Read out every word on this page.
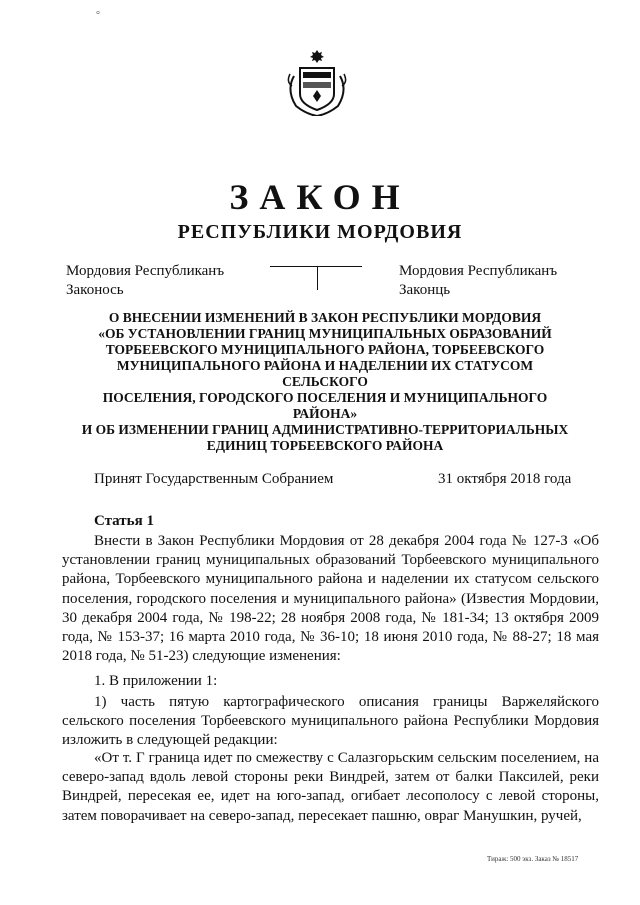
°
ЗАКОН
РЕСПУБЛИКИ МОРДОВИЯ
Мордовия Республиканъ
Законось
Мордовия Республиканъ
Законць
О ВНЕСЕНИИ ИЗМЕНЕНИЙ В ЗАКОН РЕСПУБЛИКИ МОРДОВИЯ
«ОБ УСТАНОВЛЕНИИ ГРАНИЦ МУНИЦИПАЛЬНЫХ ОБРАЗОВАНИЙ
ТОРБЕЕВСКОГО МУНИЦИПАЛЬНОГО РАЙОНА, ТОРБЕЕВСКОГО
МУНИЦИПАЛЬНОГО РАЙОНА И НАДЕЛЕНИИ ИХ СТАТУСОМ СЕЛЬСКОГО
ПОСЕЛЕНИЯ, ГОРОДСКОГО ПОСЕЛЕНИЯ И МУНИЦИПАЛЬНОГО РАЙОНА»
И ОБ ИЗМЕНЕНИИ ГРАНИЦ АДМИНИСТРАТИВНО-ТЕРРИТОРИАЛЬНЫХ
ЕДИНИЦ ТОРБЕЕВСКОГО РАЙОНА
Принят Государственным Собранием	31 октября 2018 года
Статья 1

Внести в Закон Республики Мордовия от 28 декабря 2004 года № 127-З «Об установлении границ муниципальных образований Торбеевского муниципального района, Торбеевского муниципального района и наделении их статусом сельского поселения, городского поселения и муниципального района» (Известия Мордовии, 30 декабря 2004 года, № 198-22; 28 ноября 2008 года, № 181-34; 13 октября 2009 года, № 153-37; 16 марта 2010 года, № 36-10; 18 июня 2010 года, № 88-27; 18 мая 2018 года, № 51-23) следующие изменения:

1. В приложении 1:

1) часть пятую картографического описания границы Варжеляйского сельского поселения Торбеевского муниципального района Республики Мордовия изложить в следующей редакции:

«От т. Г граница идет по смежеству с Салазгорьским сельским поселением, на северо-запад вдоль левой стороны реки Виндрей, затем от балки Паксилей, реки Виндрей, пересекая ее, идет на юго-запад, огибает лесополосу с левой стороны, затем поворачивает на северо-запад, пересекает пашню, овраг Манушкин, ручей,

Тираж: 500 экз. Заказ № 18517
